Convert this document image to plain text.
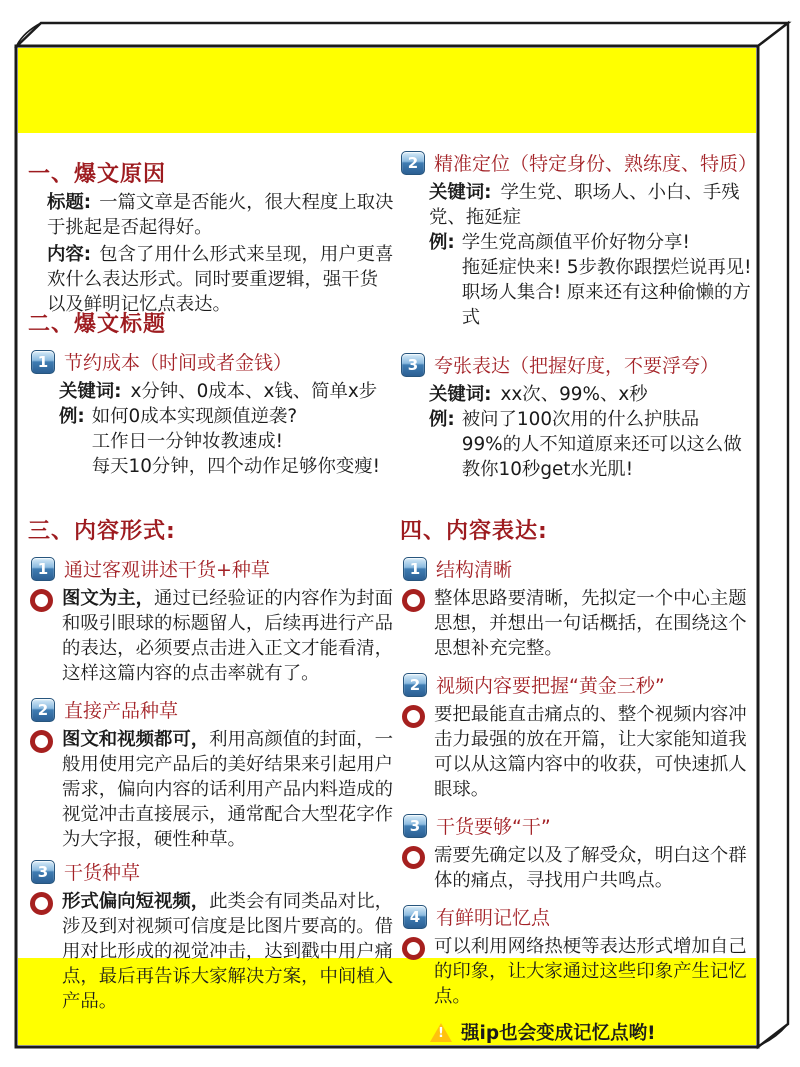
一、爆文原因
标题: 一篇文章是否能火，很大程度上取决于挑起是否起得好。
内容: 包含了用什么形式来呈现，用户更喜欢什么表达形式。同时要重逻辑，强干货以及鲜明记忆点表达。
2 精准定位（特定身份、熟练度、特质）
关键词: 学生党、职场人、小白、手残党、拖延症
例: 学生党高颜值平价好物分享!
拖延症快来! 5步教你跟摆烂说再见!
职场人集合! 原来还有这种偷懒的方式
二、爆文标题
1 节约成本（时间或者金钱）
关键词: x分钟、0成本、x钱、简单x步
例: 如何0成本实现颜值逆袭?
工作日一分钟妆教速成!
每天10分钟，四个动作足够你变瘦!
3 夸张表达（把握好度，不要浮夸）
关键词: xx次、99%、x秒
例: 被问了100次用的什么护肤品
99%的人不知道原来还可以这么做
教你10秒get水光肌!
三、内容形式:
1 通过客观讲述干货+种草
图文为主，通过已经验证的内容作为封面和吸引眼球的标题留人，后续再进行产品的表达，必须要点击进入正文才能看清，这样这篇内容的点击率就有了。
2 直接产品种草
图文和视频都可，利用高颜值的封面，一般用使用完产品后的美好结果来引起用户需求，偏向内容的话利用产品内料造成的视觉冲击直接展示，通常配合大型花字作为大字报，硬性种草。
3 干货种草
形式偏向短视频，此类会有同类品对比，涉及到对视频可信度是比图片要高的。借用对比形成的视觉冲击，达到戳中用户痛点，最后再告诉大家解决方案，中间植入产品。
四、内容表达:
1 结构清晰
整体思路要清晰，先拟定一个中心主题思想，并想出一句话概括，在围绕这个思想补充完整。
2 视频内容要把握“黄金三秒”
要把最能直击痛点的、整个视频内容冲击力最强的放在开篇，让大家能知道我可以从这篇内容中的收获，可快速抓人眼球。
3 干货要够“干”
需要先确定以及了解受众，明白这个群体的痛点，寻找用户共鸣点。
4 有鲜明记忆点
可以利用网络热梗等表达形式增加自己的印象，让大家通过这些印象产生记忆点。
! 强ip也会变成记忆点哟!
